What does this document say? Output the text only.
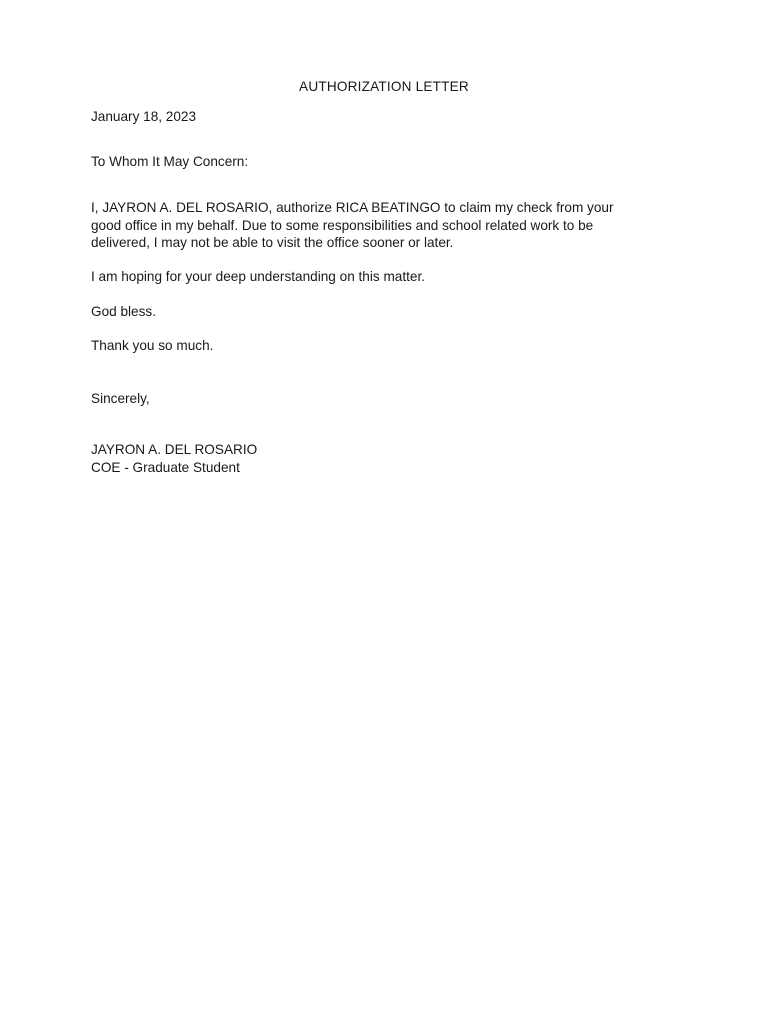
AUTHORIZATION LETTER

January 18, 2023

To Whom It May Concern:

I, JAYRON A. DEL ROSARIO, authorize RICA BEATINGO to claim my check from your
good office in my behalf. Due to some responsibilities and school related work to be
delivered, I may not be able to visit the office sooner or later.

I am hoping for your deep understanding on this matter.

God bless.

Thank you so much.

Sincerely,

JAYRON A. DEL ROSARIO

COE - Graduate Student
